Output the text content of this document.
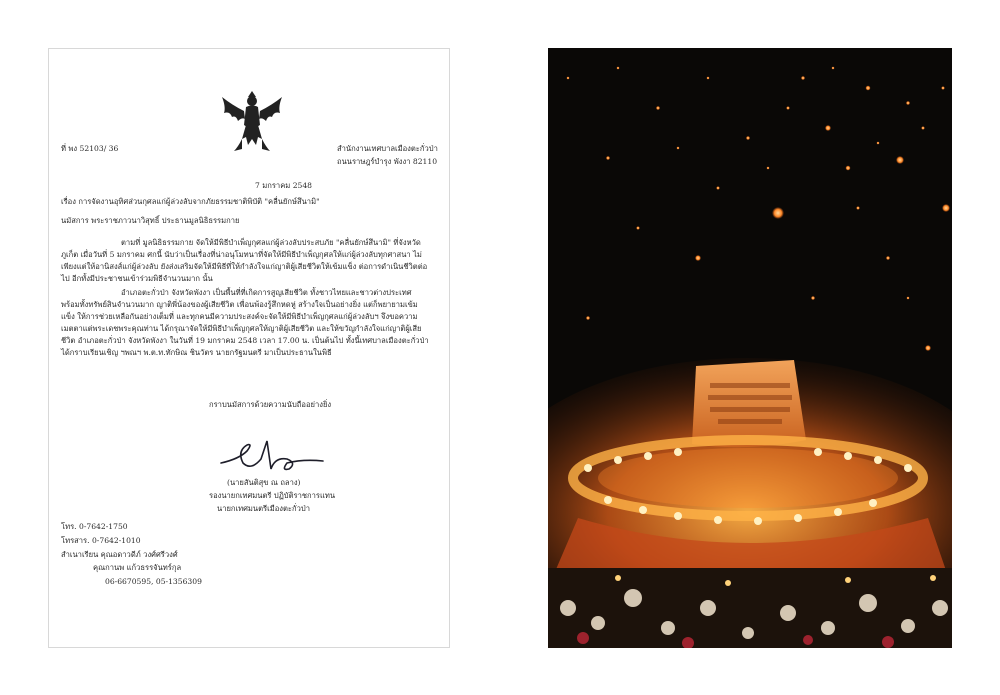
ที่ พง 52103/ 36	สำนักงานเทศบาลเมืองตะกั่วป่า
ถนนราษฎร์บำรุง พังงา 82110
7 มกราคม 2548
เรื่อง การจัดงานอุทิศส่วนกุศลแก่ผู้ล่วงลับจากภัยธรรมชาติพิบัติ "คลื่นยักษ์สึนามิ"
นมัสการ พระราชภาวนาวิสุทธิ์ ประธานมูลนิธิธรรมกาย
ตามที่ มูลนิธิธรรมกาย จัดให้มีพิธีบำเพ็ญกุศลแก่ผู้ล่วงลับประสบภัย "คลื่นยักษ์สึนามิ" ที่จังหวัดภูเก็ต เมื่อวันที่ 5 มกราคม ศกนี้ นับว่าเป็นเรื่องที่น่าอนุโมทนาที่จัดให้มีพิธีบำเพ็ญกุศลให้แก่ผู้ล่วงลับทุกศาสนา ไม่เพียงแต่ให้อานิสงส์แก่ผู้ล่วงลับ ยังส่งเสริมจัดให้มีพิธีที่ให้กำลังใจแก่ญาติผู้เสียชีวิตให้เข้มแข็ง ต่อการดำเนินชีวิตต่อไป อีกทั้งมีประชาชนเข้าร่วมพิธีจำนวนมาก นั้น
อำเภอตะกั่วป่า จังหวัดพังงา เป็นพื้นที่ที่เกิดการสูญเสียชีวิต ทั้งชาวไทยและชาวต่างประเทศ พร้อมทั้งทรัพย์สินจำนวนมาก ญาติพี่น้องของผู้เสียชีวิต เพื่อนพ้องรู้สึกหดหู่ สร้างใจเป็นอย่างยิ่ง แต่ก็พยายามเข้มแข็ง ให้การช่วยเหลือกันอย่างเต็มที่ และทุกคนมีความประสงค์จะจัดให้มีพิธีบำเพ็ญกุศลแก่ผู้ล่วงลับฯ จึงขอความเมตตาแต่พระเดชพระคุณท่าน ได้กรุณาจัดให้มีพิธีบำเพ็ญกุศลให้ญาติผู้เสียชีวิต และให้ขวัญกำลังใจแก่ญาติผู้เสียชีวิต อำเภอตะกั่วป่า จังหวัดพังงา ในวันที่ 19 มกราคม 2548 เวลา 17.00 น. เป็นต้นไป ทั้งนี้เทศบาลเมืองตะกั่วป่า ได้กราบเรียนเชิญ ฯพณฯ พ.ต.ท.ทักษิณ ชินวัตร นายกรัฐมนตรี มาเป็นประธานในพิธี
กราบนมัสการด้วยความนับถืออย่างยิ่ง
(นายสันติสุข ณ ถลาง)
รองนายกเทศมนตรี ปฏิบัติราชการแทน
นายกเทศมนตรีเมืองตะกั่วป่า
โทร. 0-7642-1750
โทรสาร. 0-7642-1010
สำเนาเรียน คุณอดาวดีภ์ วงศ์ศรีวงศ์
คุณกานพ แก้วธรรจันทร์กุล
06-6670595, 05-1356309
